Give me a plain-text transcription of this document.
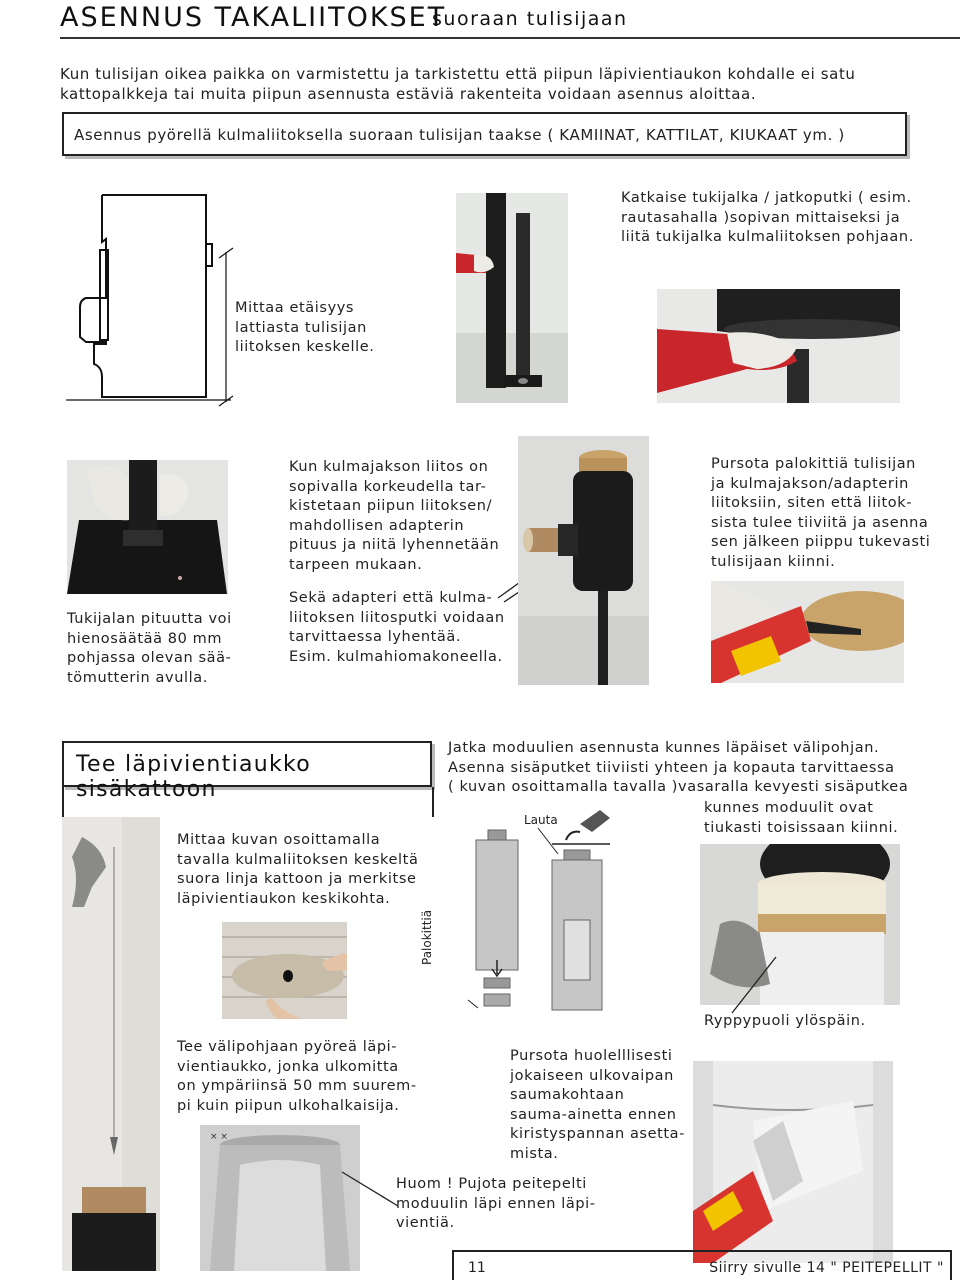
ASENNUS TAKALIITOKSET
suoraan tulisijaan
Kun tulisijan oikea paikka on varmistettu ja tarkistettu että piipun läpivientiaukon kohdalle ei satu
kattopalkkeja tai muita piipun asennusta estäviä rakenteita voidaan asennus aloittaa.
Asennus pyörellä kulmaliitoksella suoraan tulisijan taakse ( KAMIINAT, KATTILAT, KIUKAAT ym. )
Mittaa etäisyys
lattiasta tulisijan
liitoksen keskelle.
Katkaise tukijalka / jatkoputki ( esim.
rautasahalla )sopivan mittaiseksi ja
liitä tukijalka kulmaliitoksen pohjaan.
Tukijalan pituutta voi
hienosäätää 80 mm
pohjassa olevan sää-
tömutterin avulla.
Kun kulmajakson liitos on
sopivalla korkeudella tar-
kistetaan piipun liitoksen/
mahdollisen adapterin
pituus ja niitä lyhennetään
tarpeen mukaan.
Sekä adapteri että kulma-
liitoksen liitosputki voidaan
tarvittaessa lyhentää.
Esim. kulmahiomakoneella.
Pursota palokittiä tulisijan
ja kulmajakson/adapterin
liitoksiin, siten että liitok-
sista tulee tiiviitä ja asenna
sen jälkeen piippu tukevasti
tulisijaan kiinni.
Tee läpivientiaukko sisäkattoon
Mittaa kuvan osoittamalla
tavalla kulmaliitoksen keskeltä
suora linja kattoon ja merkitse
läpivientiaukon keskikohta.
Tee välipohjaan pyöreä läpi-
vientiaukko, jonka ulkomitta
on ympäriinsä 50 mm suurem-
pi kuin piipun ulkohalkaisija.
× ×
Jatka moduulien asennusta kunnes läpäiset välipohjan.
Asenna sisäputket tiiviisti yhteen ja kopauta tarvittaessa
( kuvan osoittamalla tavalla )vasaralla kevyesti sisäputkea
kunnes moduulit ovat
tiukasti toisissaan kiinni.
Lauta
Palokittiä
Ryppypuoli ylöspäin.
Pursota huolelllisesti
jokaiseen ulkovaipan
saumakohtaan
sauma-ainetta ennen
kiristyspannan asetta-
mista.
Huom ! Pujota peitepelti
moduulin läpi ennen läpi-
vientiä.
11	Siirry sivulle 14 " PEITEPELLIT "
